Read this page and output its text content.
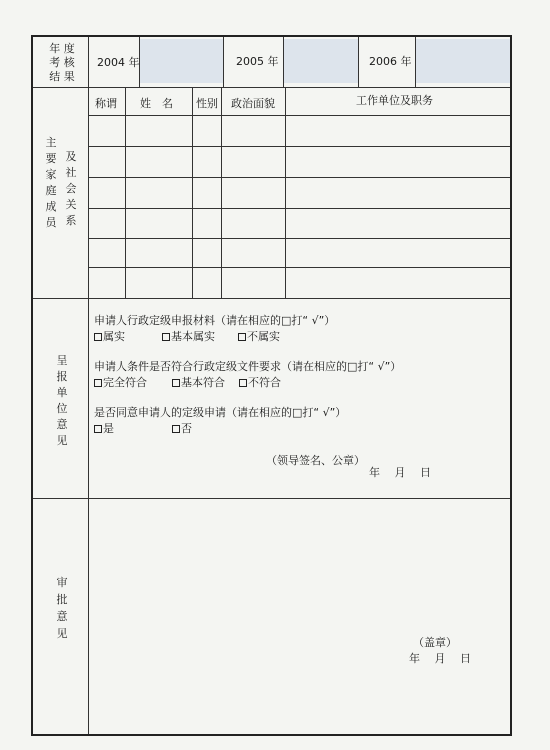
年 度
考 核
结 果
2004 年	2005 年	2006 年
主
要
家
庭
成
员
及
社
会
关
系
称谓 姓　名 性别 政治面貌	工作单位及职务
呈
报
单
位
意
见
申请人行政定级申报材料（请在相应的□打“ √”）
属实	基本属实	不属实
申请人条件是否符合行政定级文件要求（请在相应的□打“ √”）
完全符合	基本符合	不符合
是否同意申请人的定级申请（请在相应的□打“ √”）
是	否
（领导签名、公章）
年　 月　 日
审
批
意
见
（盖章）
年　 月　 日
